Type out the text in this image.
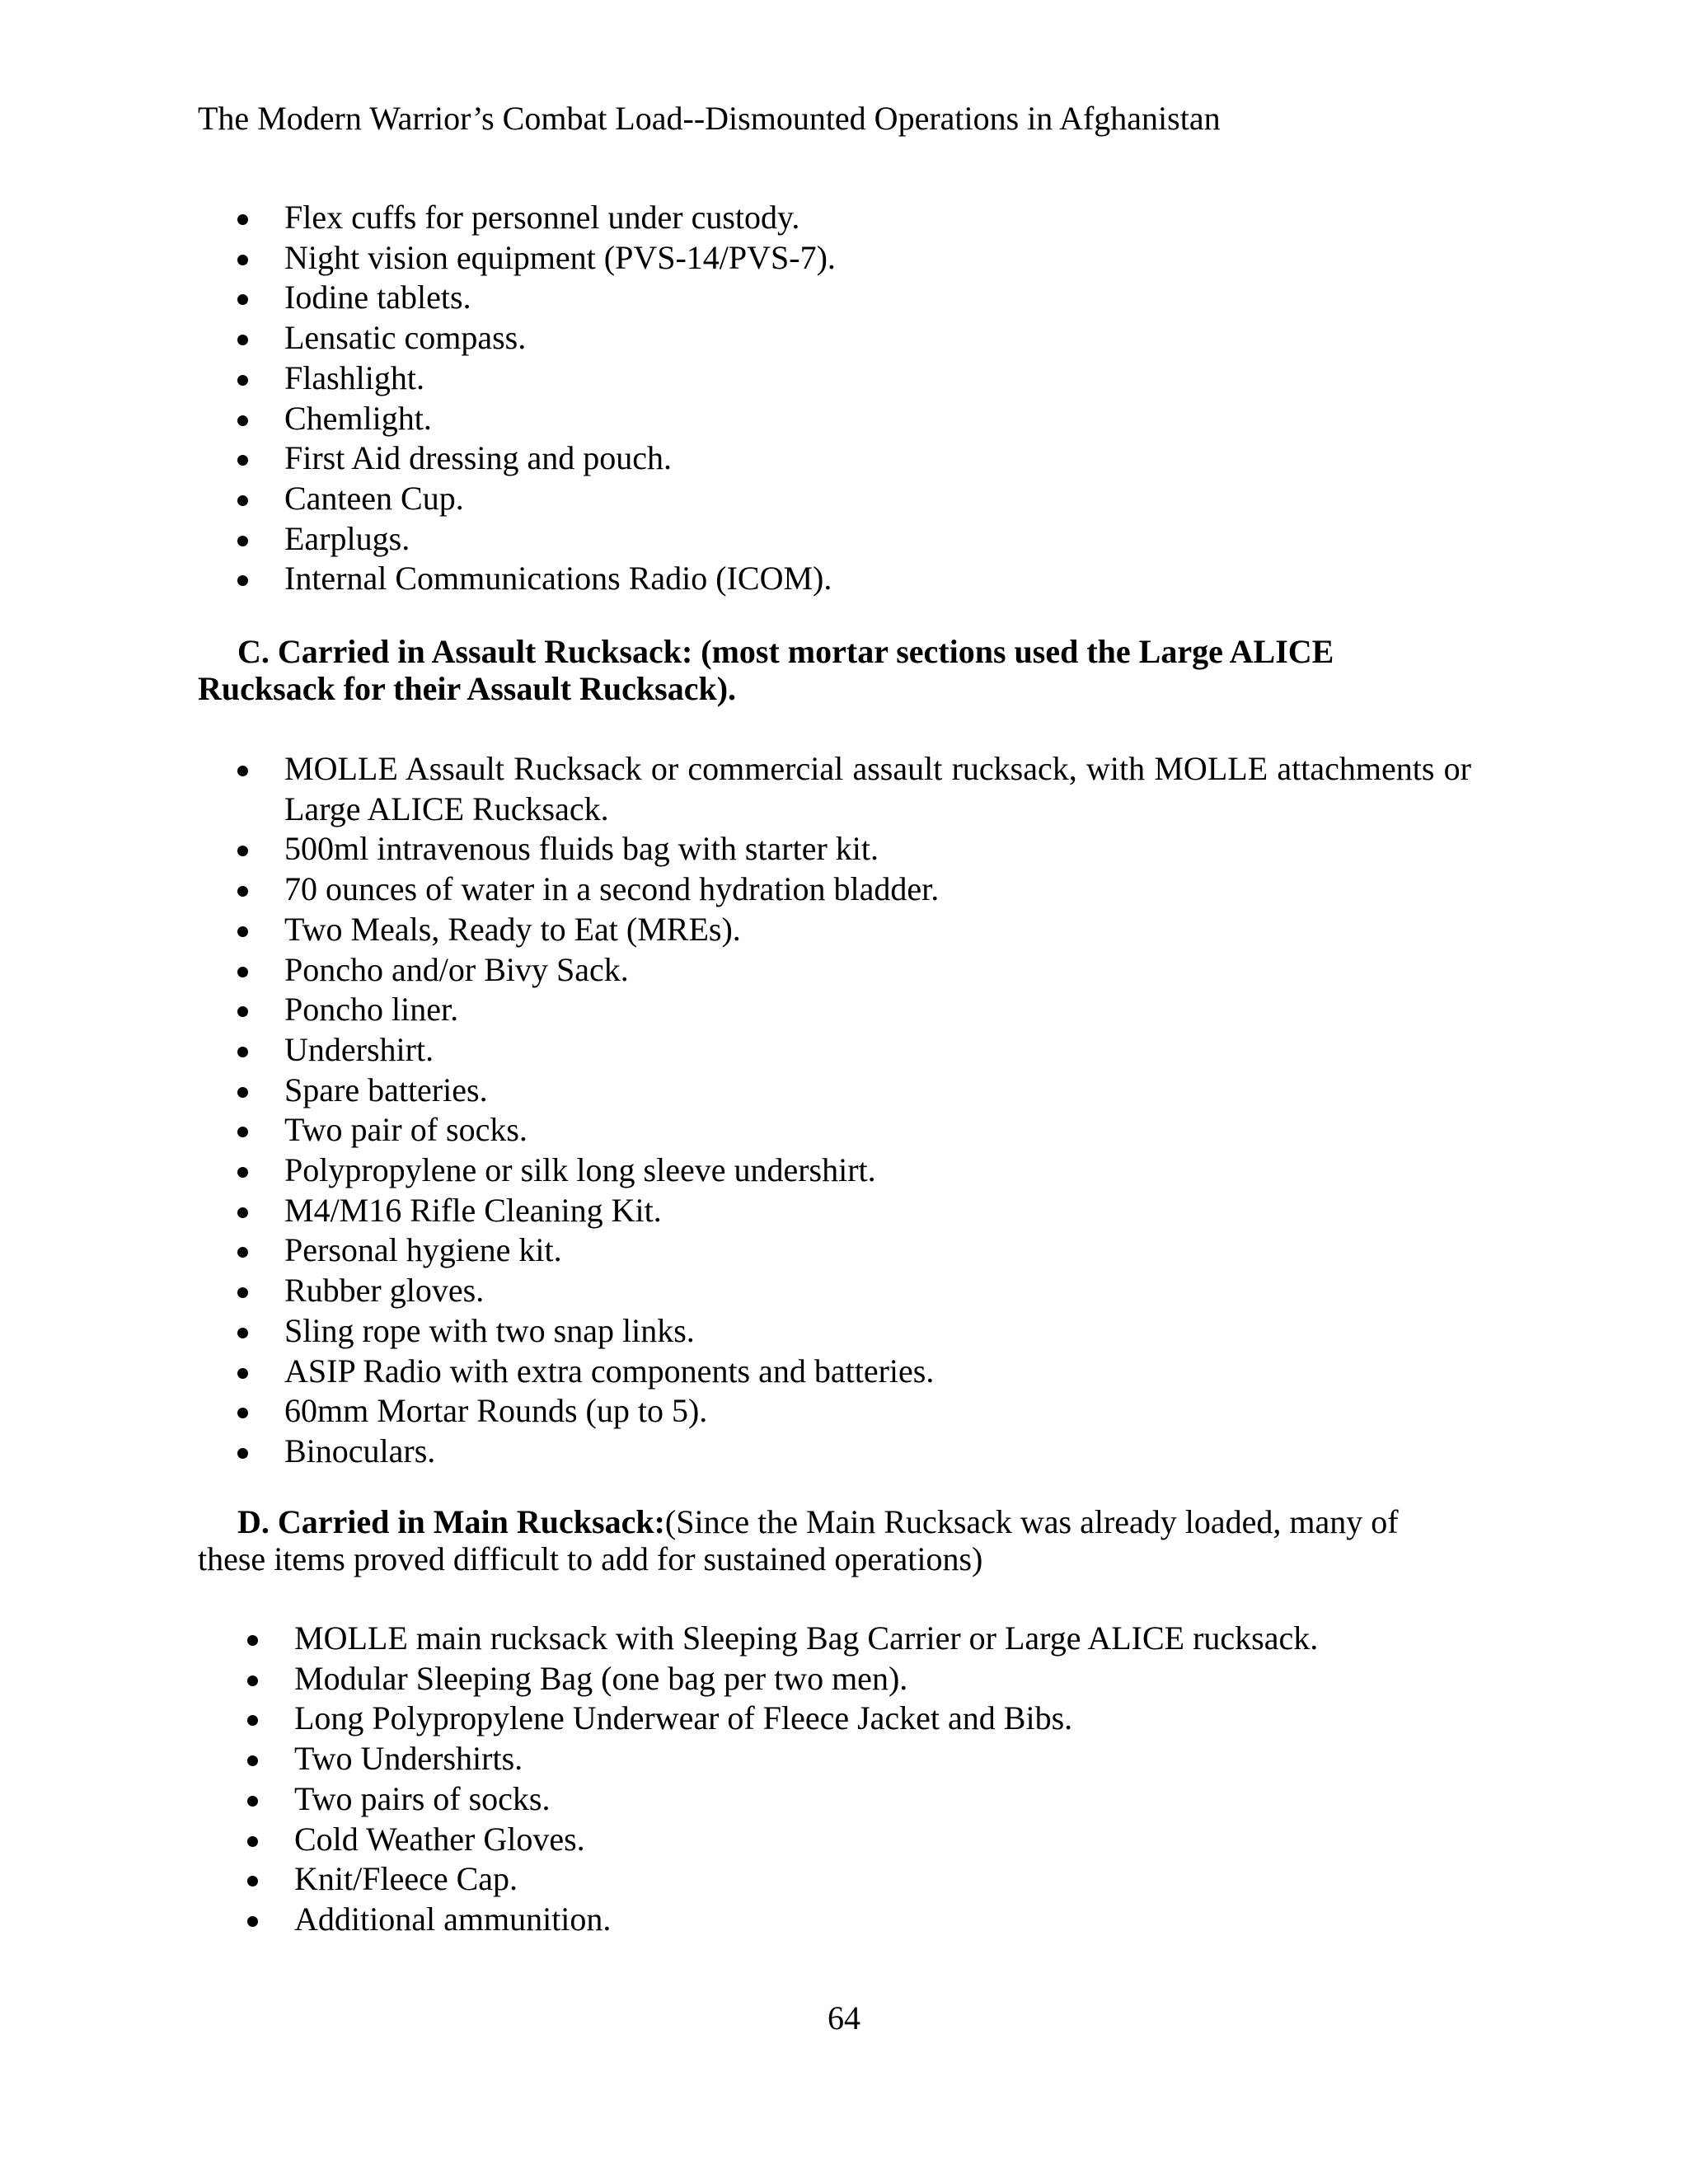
The Modern Warrior’s Combat Load--Dismounted Operations in Afghanistan
Flex cuffs for personnel under custody.
Night vision equipment (PVS-14/PVS-7).
Iodine tablets.
Lensatic compass.
Flashlight.
Chemlight.
First Aid dressing and pouch.
Canteen Cup.
Earplugs.
Internal Communications Radio (ICOM).
C. Carried in Assault Rucksack: (most mortar sections used the Large ALICE Rucksack for their Assault Rucksack).
MOLLE Assault Rucksack or commercial assault rucksack, with MOLLE attachments or Large ALICE Rucksack.
500ml intravenous fluids bag with starter kit.
70 ounces of water in a second hydration bladder.
Two Meals, Ready to Eat (MREs).
Poncho and/or Bivy Sack.
Poncho liner.
Undershirt.
Spare batteries.
Two pair of socks.
Polypropylene or silk long sleeve undershirt.
M4/M16 Rifle Cleaning Kit.
Personal hygiene kit.
Rubber gloves.
Sling rope with two snap links.
ASIP Radio with extra components and batteries.
60mm Mortar Rounds (up to 5).
Binoculars.
D. Carried in Main Rucksack:(Since the Main Rucksack was already loaded, many of these items proved difficult to add for sustained operations)
MOLLE main rucksack with Sleeping Bag Carrier or Large ALICE rucksack.
Modular Sleeping Bag (one bag per two men).
Long Polypropylene Underwear of Fleece Jacket and Bibs.
Two Undershirts.
Two pairs of socks.
Cold Weather Gloves.
Knit/Fleece Cap.
Additional ammunition.
64
